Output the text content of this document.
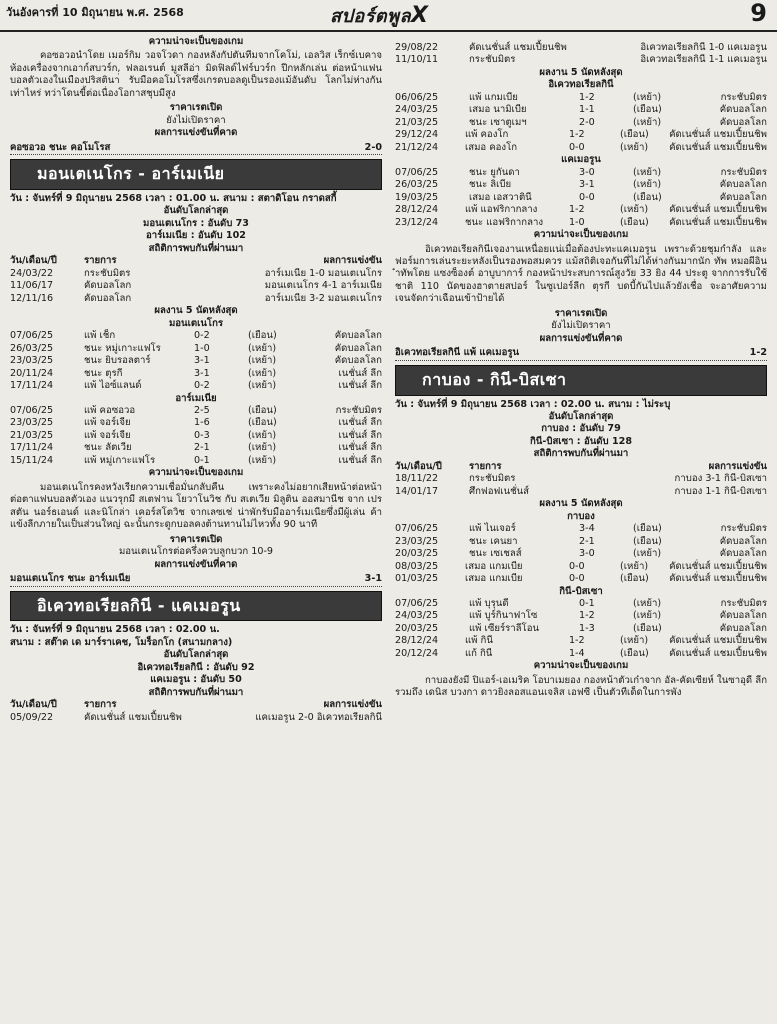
วันอังคารที่ 10 มิถุนายน พ.ศ. 2568	สปอร์ตพูลX	9
ความน่าจะเป็นของเกม

คอซอวอนำโดย เมอร์กิม วอจโวดา กองหลังกัปตันทีมจากโคโม่, เอลวิส เร็กซ์เบคาจ ห้องเครื่องจากเอาก์สบวร์ก, ฟลอเรนต์ มูสลีอ่า มิดฟิลด์ไฟร์บวร์ก ปีกหลักเล่น ต่อหน้าแฟนบอลตัวเองในเมืองปริสตินา่ รับมือคอโมโรสซึ่งเกรดบอลดูเป็นรองแม้อันดับ โลกไม่ห่างกันเท่าไหร่ ทว่าโดนขี้ต่อเนื่องโอกาสชุบมีสูง

ราคาเรตเปิด
ยังไม่เปิดราคา
ผลการแข่งขันที่คาด
คอซอวอ ชนะ คอโมโรส	2-0
มอนเตเนโกร - อาร์เมเนีย
วัน : จันทร์ที่ 9 มิถุนายน 2568 เวลา : 01.00 น. สนาม : สตาดิโอน กราดสกี้
อันดับโลกล่าสุด
มอนเตเนโกร : อันดับ 73
อาร์เมเนีย : อันดับ 102
สถิติการพบกันที่ผ่านมา
วัน/เดือน/ปี	รายการ	ผลการแข่งขัน
24/03/22	กระชับมิตร	อาร์เมเนีย 1-0 มอนเตเนโกร
11/06/17	คัดบอลโลก	มอนเตเนโกร 4-1 อาร์เมเนีย
12/11/16	คัดบอลโลก	อาร์เมเนีย 3-2 มอนเตเนโกร
ผลงาน 5 นัดหลังสุด
มอนเตเนโกร
07/06/25	แพ้ เช็ก	0-2	(เยือน)	คัดบอลโลก
26/03/25	ชนะ หมู่เกาะแฟโร	1-0	(เหย้า)	คัดบอลโลก
23/03/25	ชนะ ยิบรอลตาร์	3-1	(เหย้า)	คัดบอลโลก
20/11/24	ชนะ ตุรกี	3-1	(เหย้า)	เนชั่นส์ ลีก
17/11/24	แพ้ ไอซ์แลนด์	0-2	(เหย้า)	เนชั่นส์ ลีก
อาร์เมเนีย
07/06/25	แพ้ คอซอวอ	2-5	(เยือน)	กระชับมิตร
23/03/25	แพ้ จอร์เจีย	1-6	(เยือน)	เนชั่นส์ ลีก
21/03/25	แพ้ จอร์เจีย	0-3	(เหย้า)	เนชั่นส์ ลีก
17/11/24	ชนะ ลัตเวีย	2-1	(เหย้า)	เนชั่นส์ ลีก
15/11/24	แพ้ หมู่เกาะแฟโร	0-1	(เหย้า)	เนชั่นส์ ลีก
ความน่าจะเป็นของเกม

มอนเตเนโกรคงหวังเรียกความเชื่อมั่นกลับคืน เพราะคงไม่อยากเสียหน้าต่อหน้าต่อตาแฟนบอลตัวเอง แนวรุกมี สเตฟาน โยวาโนวิช กับ สเตเวีย มิลูติน ออสมานีช จาก เปรสตัน นอร์ธเอนด์ และนิโกล่า เคอร์สโตวิช จากเลซเช่ น่าพักรับมืออาร์เมเนียซึ่งมีผู้เล่น ค้าแข้งลีกภายในเป็นส่วนใหญ่ ฉะนั้นกระดูกบอลคงต้านทานไม่ไหวทั้ง 90 นาที

ราคาเรตเปิด
มอนเตเนโกรต่อครึ่งควบลูกบวก 10-9
ผลการแข่งขันที่คาด
มอนเตเนโกร ชนะ อาร์เมเนีย	3-1
อิเควทอเรียลกินี - แคเมอรูน
วัน : จันทร์ที่ 9 มิถุนายน 2568 เวลา : 02.00 น.
สนาม : สต๊าด เด มาร์ราเคช, โมร็อกโก (สนามกลาง)
อันดับโลกล่าสุด
อิเควทอเรียลกินี : อันดับ 92
แคเมอรูน : อันดับ 50
สถิติการพบกันที่ผ่านมา
วัน/เดือน/ปี	รายการ	ผลการแข่งขัน
05/09/22	คัดเนชั่นส์ แชมเปี้ยนชิพ	แคเมอรูน 2-0 อิเควทอเรียลกินี
29/08/22	คัดเนชั่นส์ แชมเปี้ยนชิพ	อิเควทอเรียลกินี 1-0 แคเมอรูน
11/10/11	กระชับมิตร	อิเควทอเรียลกินี 1-1 แคเมอรูน
ผลงาน 5 นัดหลังสุด
อิเควทอเรียลกินี
06/06/25	แพ้ แกมเบีย	1-2	(เหย้า)	กระชับมิตร
24/03/25	เสมอ นามิเบีย	1-1	(เยือน)	คัดบอลโลก
21/03/25	ชนะ เซาตูเมฯ	2-0	(เหย้า)	คัดบอลโลก
29/12/24	แพ้ คองโก	1-2	(เยือน)	คัดเนชั่นส์ แชมเปี้ยนชิพ
21/12/24	เสมอ คองโก	0-0	(เหย้า)	คัดเนชั่นส์ แชมเปี้ยนชิพ
แคเมอรูน
07/06/25	ชนะ ยูกันดา	3-0	(เหย้า)	กระชับมิตร
26/03/25	ชนะ ลิเบีย	3-1	(เหย้า)	คัดบอลโลก
19/03/25	เสมอ เอสวาตินี	0-0	(เยือน)	คัดบอลโลก
28/12/24	แพ้ แอฟริกากลาง	1-2	(เหย้า)	คัดเนชั่นส์ แชมเปี้ยนชิพ
23/12/24	ชนะ แอฟริกากลาง	1-0	(เยือน)	คัดเนชั่นส์ แชมเปี้ยนชิพ
ความน่าจะเป็นของเกม

อิเควทอเรียลกินีเจองานเหนื่อยแน่เมื่อต้องปะทะแคเมอรูน เพราะด้วยชุมกำลัง และฟอร์มการเล่นระยะหลังเป็นรองพอสมควร แม้สถิติเจอกันที่ไม่ได้ห่างกันมากนัก ทัพ หมอผีอินำทัพโดย แซงซ็องต์ อาบูบาการ์ กองหน้าประสบการณ์สูงวัย 33 ยิง 44 ประตู จากการรับใช้ชาติ 110 นัดของฮาตายสปอร์ ในซูเปอร์ลีก ตุรกี บดบี้กันไปแล้วยังเชื่อ จะอาศัยความเจนจัดกว่าเฉือนเข้าป้ายได้

ราคาเรตเปิด
ยังไม่เปิดราคา
ผลการแข่งขันที่คาด
อิเควทอเรียลกินี แพ้ แคเมอรูน	1-2
กาบอง - กินี-บิสเซา
วัน : จันทร์ที่ 9 มิถุนายน 2568 เวลา : 02.00 น. สนาม : ไม่ระบุ
อันดับโลกล่าสุด
กาบอง : อันดับ 79
กินี-บิสเซา : อันดับ 128
สถิติการพบกันที่ผ่านมา
วัน/เดือน/ปี	รายการ	ผลการแข่งขัน
18/11/22	กระชับมิตร	กาบอง 3-1 กินี-บิสเซา
14/01/17	ศึกฟอฟเนชั่นส์	กาบอง 1-1 กินี-บิสเซา
ผลงาน 5 นัดหลังสุด
กาบอง
07/06/25	แพ้ ไนเจอร์	3-4	(เยือน)	กระชับมิตร
23/03/25	ชนะ เคนยา	2-1	(เยือน)	คัดบอลโลก
20/03/25	ชนะ เซเชลส์	3-0	(เหย้า)	คัดบอลโลก
08/03/25	เสมอ แกมเบีย	0-0	(เหย้า)	คัดเนชั่นส์ แชมเปี้ยนชิพ
01/03/25	เสมอ แกมเบีย	0-0	(เยือน)	คัดเนชั่นส์ แชมเปี้ยนชิพ
กินี-บิสเซา
07/06/25	แพ้ บุรุนดี	0-1	(เหย้า)	กระชับมิตร
24/03/25	แพ้ บูร์กินาฟาโซ	1-2	(เหย้า)	คัดบอลโลก
20/03/25	แพ้ เซียร์ราลีโอน	1-3	(เยือน)	คัดบอลโลก
28/12/24	แพ้ กินี	1-2	(เหย้า)	คัดเนชั่นส์ แชมเปี้ยนชิพ
20/12/24	แก้ กินี	1-4	(เยือน)	คัดเนชั่นส์ แชมเปี้ยนชิพ
ความน่าจะเป็นของเกม

กาบองยังมี ปิแอร์-เอเมริค โอบาเมยอง กองหน้าตัวเก๋าจาก อัล-คัดเซียห์ ในซาอุดี ลีก รวมถึง เดนิส บวงกา ดาวยิงลอสแอนเจลิส เอฟซี เป็นตัวทีเด็ดในการพัง
